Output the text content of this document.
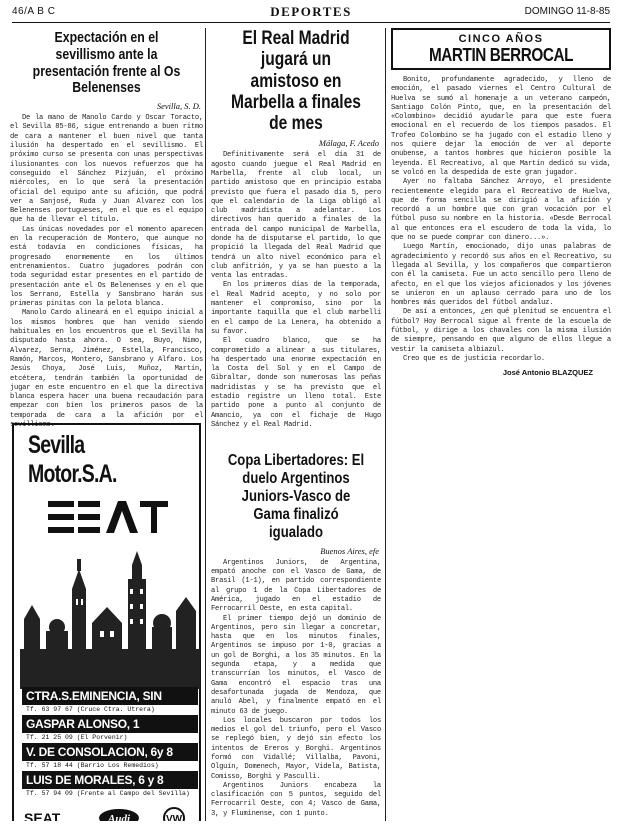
46/A B C	DEPORTES	DOMINGO 11-8-85
Expectación en el sevillismo ante la presentación frente al Os Belenenses
Sevilla, S. D.

De la mano de Manolo Cardo y Oscar Toracto, el Sevilla 85-86, sigue entrenando a buen ritmo de cara a mantener el buen nivel que tanta ilusión ha despertado en el sevillismo. El próximo curso se presenta con unas perspectivas ilusionantes con los nuevos refuerzos que ha conseguido el Sánchez Pizjuán, el próximo miércoles, en lo que será la presentación oficial del equipo ante su afición, que podrá ver a Sanjosé, Ruda y Juan Alvarez con los Belenenses portugueses, en el que es el equipo que ha de llevar el título.

Las únicas novedades por el momento aparecen en la recuperación de Montero, que aunque no está todavía en condiciones físicas, ha progresado enormemente en los últimos entrenamientos. Cuatro jugadores podrán con toda seguridad estar presentes en el partido de presentación ante el Os Belenenses y en el que los Serrano, Estella y Sansbrano harán sus primeras pinitas con la pelota blanca.

Manolo Cardo alineará en el equipo inicial a los mismos hombres que han venido siendo habituales en los encuentros que el Sevilla ha disputado hasta ahora. O sea, Buyo, Nimo, Alvarez, Serna, Jiménez, Estella, Francisco, Ramón, Marcos, Montero, Sansbrano y Alfaro. Los Jesús Choya, José Luis, Muñoz, Martín, etcétera, tendrán también la oportunidad de jugar en este encuentro en el que la directiva blanca espera hacer una buena recaudación para empezar con bien los primeros pasos de la temporada de cara a la afición por el sevillismo.

Sevilla Motor.S.A.
CTRA.S.EMINENCIA, SIN
Tf. 63 97 67 (Cruce Ctra. Utrera)
GASPAR ALONSO, 1
Tf. 21 25 09 (El Porvenir)
V. DE CONSOLACION, 6y 8
Tf. 57 18 44 (Barrio Los Remedios)
LUIS DE MORALES, 6 y 8
Tf. 57 94 09 (Frente al Campo del Sevilla)
SEAT	Audi	VW
El Real Madrid jugará un amistoso en Marbella a finales de mes
Málaga, F. Acedo

Definitivamente será el día 31 de agosto cuando juegue el Real Madrid en Marbella, frente al club local, un partido amistoso que en principio estaba previsto que fuera el pasado día 5, pero que el calendario de la Liga obligó al club madridista a adelantar. Los directivos han querido a finales de la entrada del campo municipal de Marbella, donde ha de disputarse el partido, lo que propició la llegada del Real Madrid que tendrá un alto nivel económico para el club anfitrión, y ya se han puesto a la venta las entradas.

En los primeros días de la temporada, el Real Madrid acepto, y no solo por mantener el compromiso, sino por la importante taquilla que el club marbellí en el campo de La Lenera, ha obtenido a su favor.

El cuadro blanco, que se ha comprometido a alinear a sus titulares, ha despertado una enorme expectación en la Costa del Sol y en el Campo de Gibraltar, donde son numerosas las peñas madridistas y se ha previsto que el estadio registre un lleno total. Este partido pone a punto al conjunto de Amancio, ya con el fichaje de Hugo Sánchez y el Real Madrid.

Copa Libertadores: El duelo Argentinos Juniors-Vasco de Gama finalizó igualado
Buenos Aires, efe

Argentinos Juniors, de Argentina, empató anoche con el Vasco de Gama, de Brasil (1-1), en partido correspondiente al grupo 1 de la Copa Libertadores de América, jugado en el estadio de Ferrocarril Oeste, en esta capital.

El primer tiempo dejó un dominio de Argentinos, pero sin llegar a concretar, hasta que en los minutos finales, Argentinos se impuso por 1-0, gracias a un gol de Borghi, a los 35 minutos. En la segunda etapa, y a medida que transcurrían los minutos, el Vasco de Gama encontró el espacio tras una desafortunada jugada de Mendoza, que anuló Abel, y finalmente empató en el minuto 63 de juego.

Los locales buscaron por todos los medios el gol del triunfo, pero el Vasco se replegó bien, y dejó sin efecto los intentos de Ereros y Borghi. Argentinos formó con Vidallé; Villalba, Pavoni, Olguín, Domenech, Mayor, Videla, Batista, Comisso, Borghi y Pasculli.

Argentinos Juniors encabeza la clasificación con 5 puntos, seguido del Ferrocarril Oeste, con 4; Vasco de Gama, 3, y Fluminense, con 1 punto.

CINCO AÑOS
MARTIN BERROCAL

Bonito, profundamente agradecido, y lleno de emoción, el pasado viernes el Centro Cultural de Huelva se sumó al homenaje a un veterano campeón, Santiago Colón Pinto, que, en la presentación del «Colombino» decidió ayudarle para que este fuera emocional en el recuerdo de los tiempos pasados. El Trofeo Colombino se ha jugado con el estadio lleno y nos quiere dejar la emoción de ver al deporte onubense, a tantos hombres que hicieron posible la leyenda. El Recreativo, al que Martín dedicó su vida, se volcó en la despedida de este gran jugador.

Ayer no faltaba Sánchez Arroyo, el presidente recientemente elegido para el Recreativo de Huelva, que de forma sencilla se dirigió a la afición y recordó a un hombre que con gran vocación por el fútbol puso su nombre en la historia. «Desde Berrocal al que entonces era el escudero de toda la vida, lo que no se puede comprar con dinero...».

Luego Martín, emocionado, dijo unas palabras de agradecimiento y recordó sus años en el Recreativo, su llegada al Sevilla, y los compañeros que compartieron con él la camiseta. Fue un acto sencillo pero lleno de afecto, en el que los viejos aficionados y los jóvenes se unieron en un aplauso cerrado para uno de los hombres más queridos del fútbol andaluz.

De así a entonces, ¿en qué plenitud se encuentra el fútbol? Hoy Berrocal sigue al frente de la escuela de fútbol, y dirige a los chavales con la misma ilusión de siempre, pensando en que alguno de ellos llegue a vestir la camiseta albiazul.

Creo que es de justicia recordarlo.

José Antonio BLAZQUEZ
